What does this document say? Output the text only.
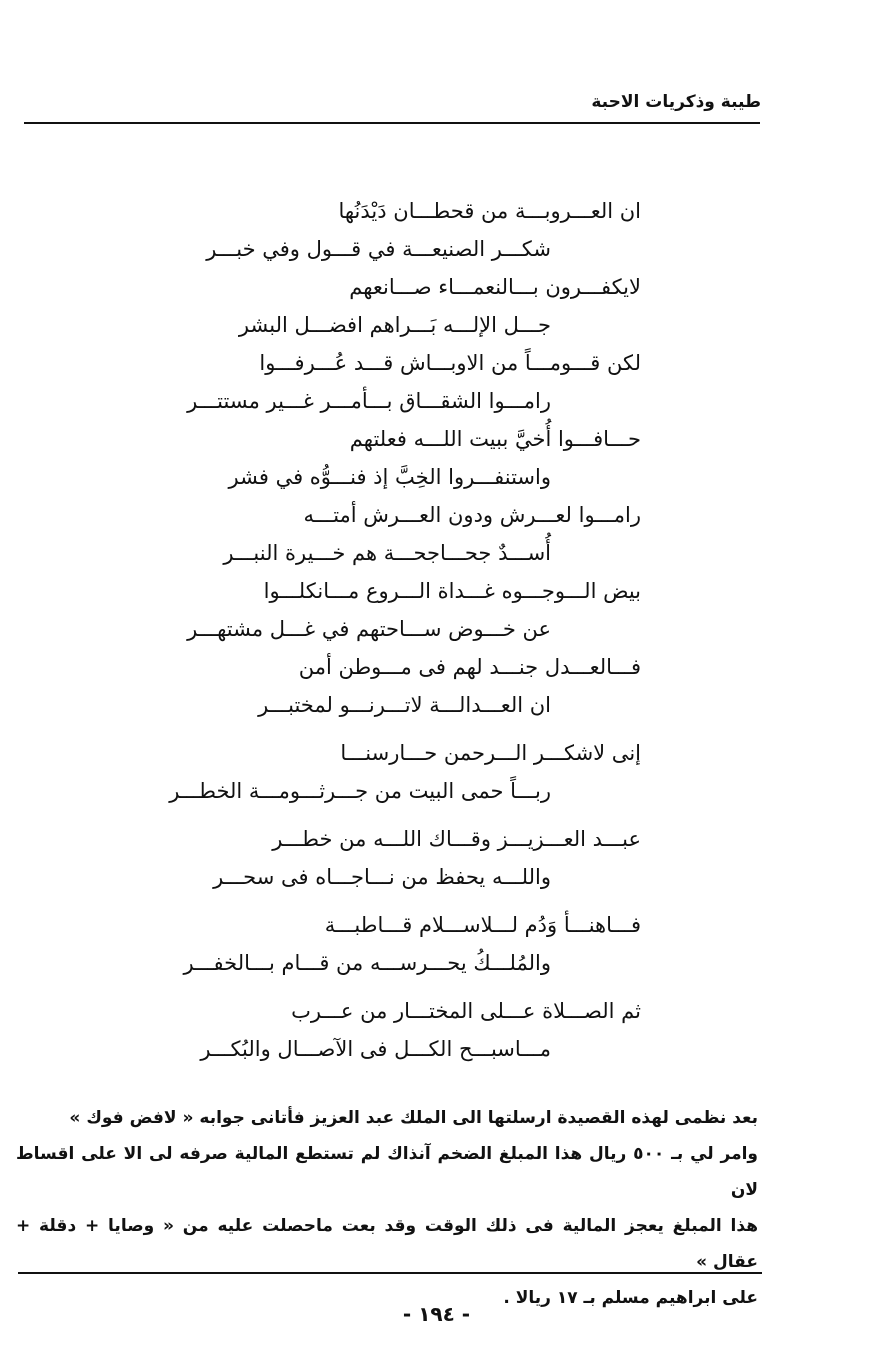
طيبة وذكريات الاحبة
ان العـــروبـــة من قحطـــان دَيْدَنُها
شكـــر الصنيعـــة في قـــول وفي خبـــر
لايكفـــرون بـــالنعمـــاء صـــانعهم
جـــل الإلـــه بَـــراهم افضـــل البشر
لكن قـــومـــاً من الاوبـــاش قـــد عُـــرفـــوا
رامـــوا الشقـــاق بـــأمـــر غـــير مستتـــر
حـــافـــوا أُخيَّ ببيت اللـــه فعلتهم
واستنفـــروا الخِبَّ إذ فنـــوُّه في فشر
رامـــوا لعـــرش ودون العـــرش أمتـــه
أُســـدٌ جحـــاجحـــة هم خـــيرة النبـــر
بيض الـــوجـــوه غـــداة الـــروع مـــانكلـــوا
عن خـــوض ســـاحتهم في غـــل مشتهـــر
فـــالعـــدل جنـــد لهم فى مـــوطن أمن
ان العـــدالـــة لاتـــرنـــو لمختبـــر
إنى لاشكـــر الـــرحمن حـــارسنـــا
ربـــاً حمى البيت من جـــرثـــومـــة الخطـــر
عبـــد العـــزيـــز وقـــاك اللـــه من خطـــر
واللـــه يحفظ من نـــاجـــاه فى سحـــر
فـــاهنـــأ وَدُم لـــلاســـلام قـــاطبـــة
والمُلـــكُ يحـــرســـه من قـــام بـــالخفـــر
ثم الصـــلاة عـــلى المختـــار من عـــرب
مـــاسبـــح الكـــل فى الآصـــال والبُكـــر

بعد نظمى لهذه القصيدة ارسلتها الى الملك عبد العزيز فأتانى جوابه « لافض فوك »

وامر لي بـ ٥٠٠ ريال هذا المبلغ الضخم آنذاك لم تستطع المالية صرفه لى الا على اقساط لان

هذا المبلغ يعجز المالية فى ذلك الوقت وقد بعت ماحصلت عليه من « وصايا + دقلة + عقال »

على ابراهيم مسلم بـ ١٧ ريالا .

- ١٩٤ -
